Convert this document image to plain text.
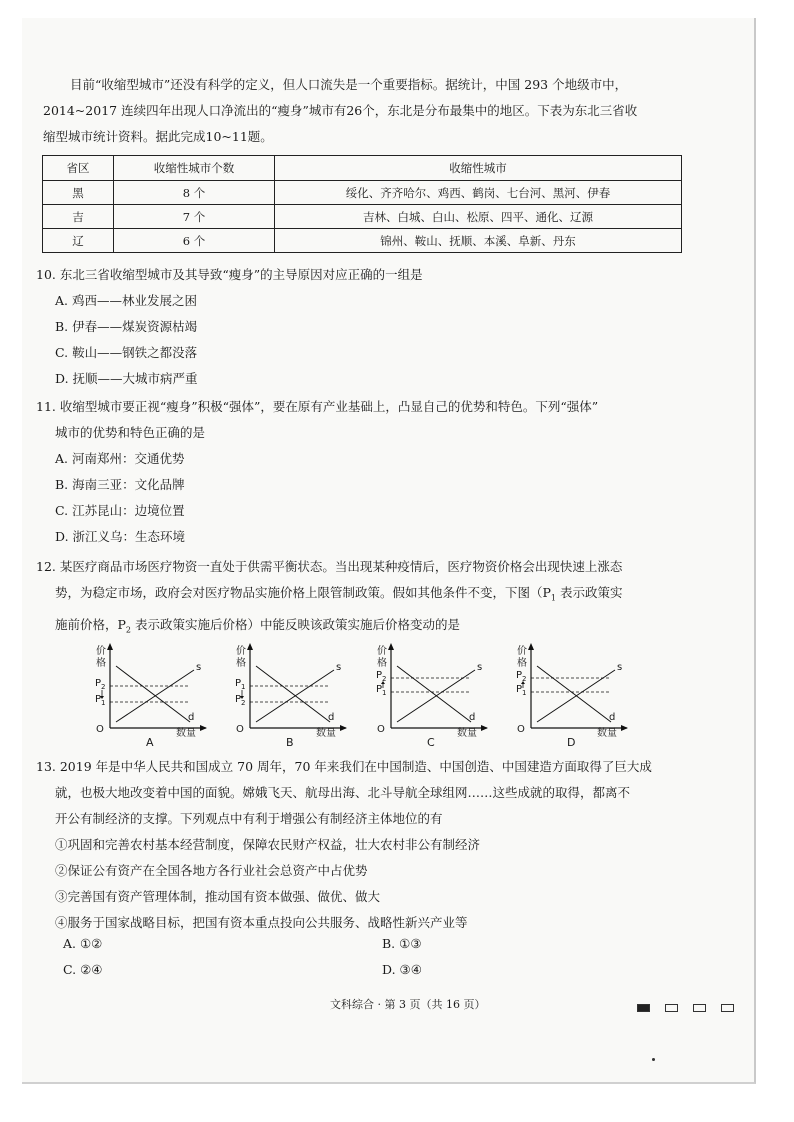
目前“收缩型城市”还没有科学的定义，但人口流失是一个重要指标。据统计，中国 293 个地级市中，
2014~2017 连续四年出现人口净流出的“瘦身”城市有26个，东北是分布最集中的地区。下表为东北三省收
缩型城市统计资料。据此完成10~11题。
省区	收缩性城市个数	收缩性城市
黑	8 个	绥化、齐齐哈尔、鸡西、鹤岗、七台河、黑河、伊春
吉	7 个	吉林、白城、白山、松原、四平、通化、辽源
辽	6 个	锦州、鞍山、抚顺、本溪、阜新、丹东
10. 东北三省收缩型城市及其导致“瘦身”的主导原因对应正确的一组是
A. 鸡西——林业发展之困
B. 伊春——煤炭资源枯竭
C. 鞍山——钢铁之都没落
D. 抚顺——大城市病严重
11. 收缩型城市要正视“瘦身”积极“强体”，要在原有产业基础上，凸显自己的优势和特色。下列“强体”
城市的优势和特色正确的是
A. 河南郑州：交通优势
B. 海南三亚：文化品牌
C. 江苏昆山：边境位置
D. 浙江义乌：生态环境
12. 某医疗商品市场医疗物资一直处于供需平衡状态。当出现某种疫情后，医疗物资价格会出现快速上涨态
势，为稳定市场，政府会对医疗物品实施价格上限管制政策。假如其他条件不变，下图（$P_1$ 表示政策实
施前价格，$P_2$ 表示政策实施后价格）中能反映该政策实施后价格变动的是
价
格
数量
O
s
d
$P_2$
$P_1$
A
价
格
数量
O
s
d
$P_1$
$P_2$
B
价
格
数量
O
s
d
$P_2$
$P_1$
C
价
格
数量
O
s
d
$P_2$
$P_1$
D
13. 2019 年是中华人民共和国成立 70 周年，70 年来我们在中国制造、中国创造、中国建造方面取得了巨大成
就，也极大地改变着中国的面貌。嫦娥飞天、航母出海、北斗导航全球组网……这些成就的取得，都离不
开公有制经济的支撑。下列观点中有利于增强公有制经济主体地位的有
①巩固和完善农村基本经营制度，保障农民财产权益，壮大农村非公有制经济
②保证公有资产在全国各地方各行业社会总资产中占优势
③完善国有资产管理体制，推动国有资本做强、做优、做大
④服务于国家战略目标，把国有资本重点投向公共服务、战略性新兴产业等
A. ①②	B. ①③
C. ②④	D. ③④
文科综合 · 第 3 页（共 16 页）
